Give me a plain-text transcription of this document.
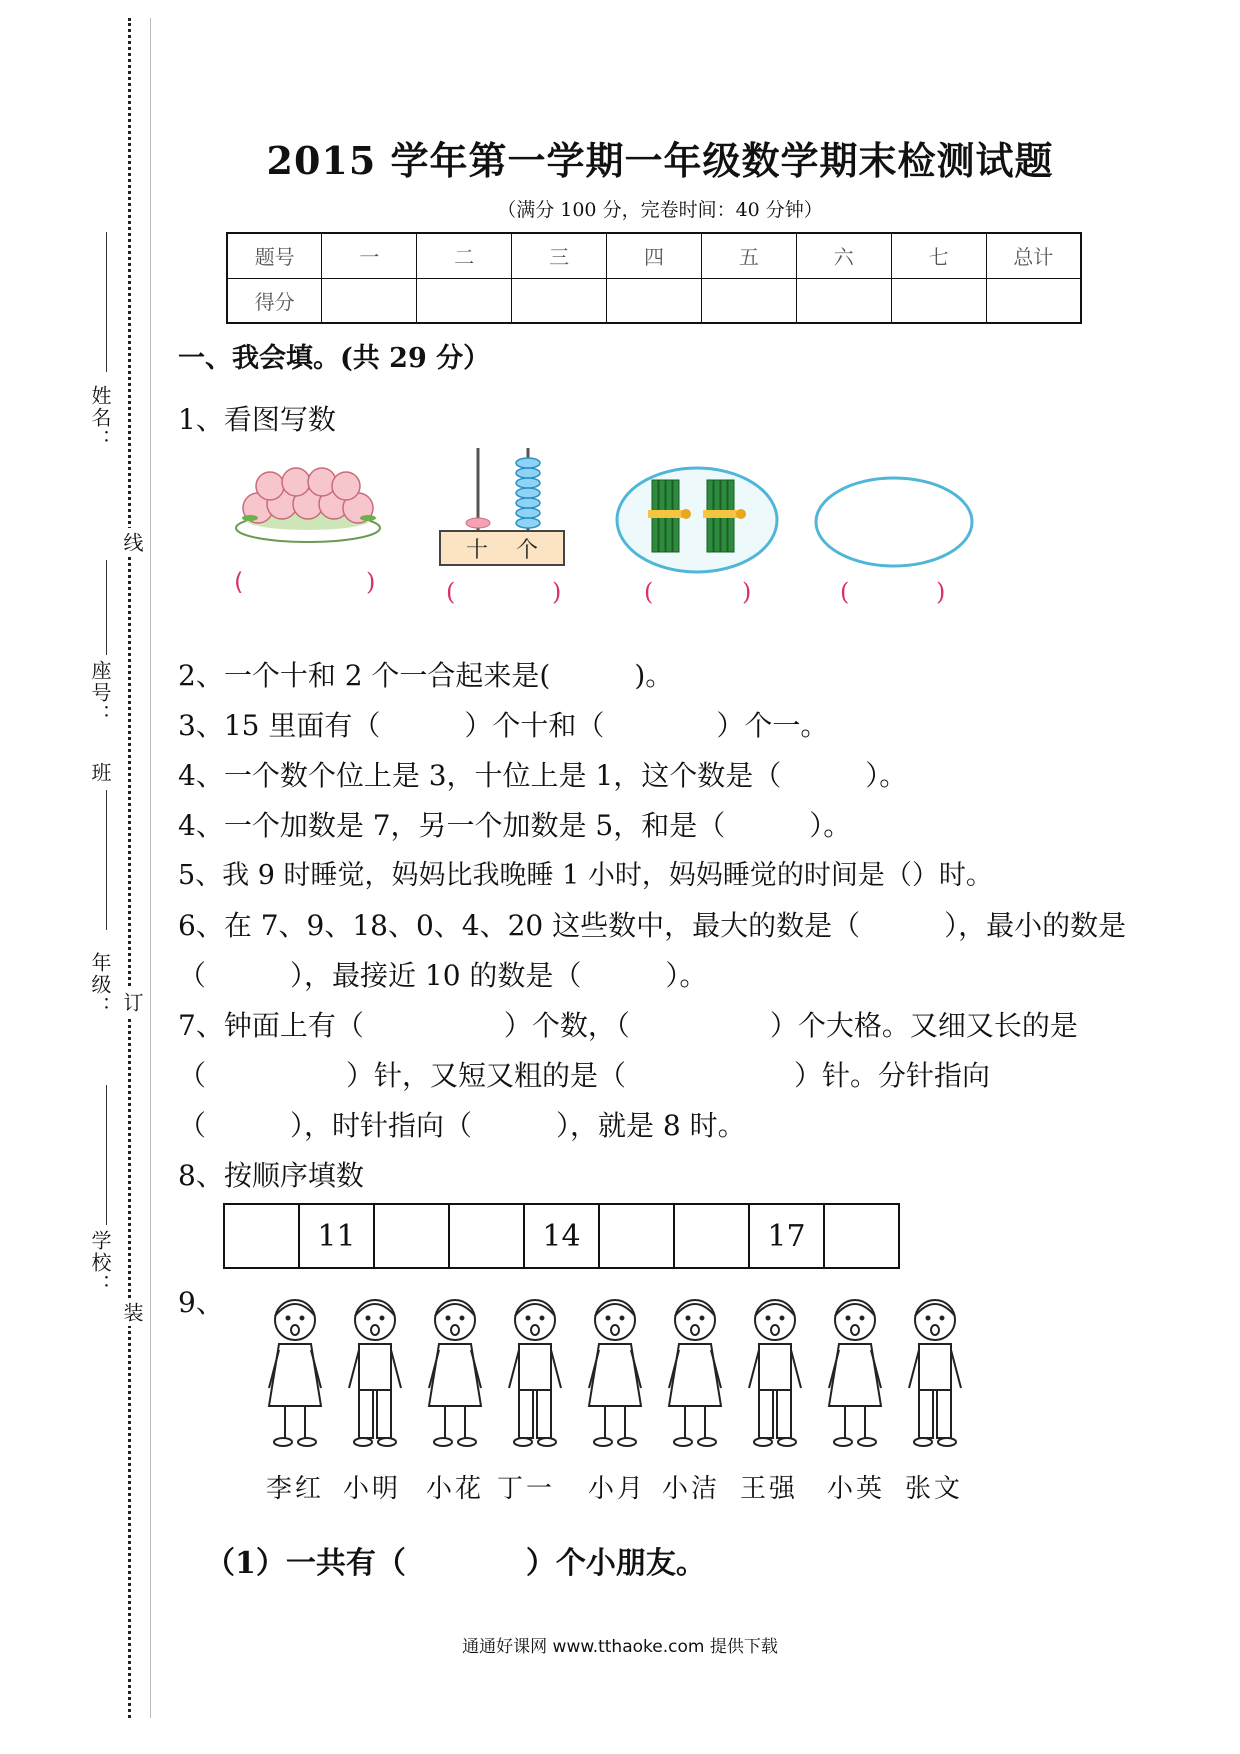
姓名：
座号：
班
年级：
学校：
线
订
装
2015 学年第一学期一年级数学期末检测试题
（满分 100 分，完卷时间：40 分钟）
题号	一	二	三	四	五	六	七	总计
得分								
一、我会填。(共 29 分）
1、看图写数
(	)
十 个
(	)	(	)	(	)
2、一个十和 2 个一合起来是(　　　)。
3、15 里面有（　　　）个十和（　　　　）个一。
4、一个数个位上是 3，十位上是 1，这个数是（　　　）。
4、一个加数是 7，另一个加数是 5，和是（　　　）。
5、我 9 时睡觉，妈妈比我晚睡 1 小时，妈妈睡觉的时间是（）时。
6、在 7、9、18、0、4、20 这些数中，最大的数是（　　　），最小的数是（　　　），最接近 10 的数是（　　　）。
7、钟面上有（　　　　　）个数，（　　　　　）个大格。又细又长的是（　　　　　）针，又短又粗的是（　　　　　　）针。分针指向（　　　），时针指向（　　　），就是 8 时。
8、按顺序填数
	11			14			17	
9、
李红 小明 小花 丁一 小月 小洁 王强 小英 张文
（1）一共有（　　　　）个小朋友。
通通好课网 www.tthaoke.com 提供下载
